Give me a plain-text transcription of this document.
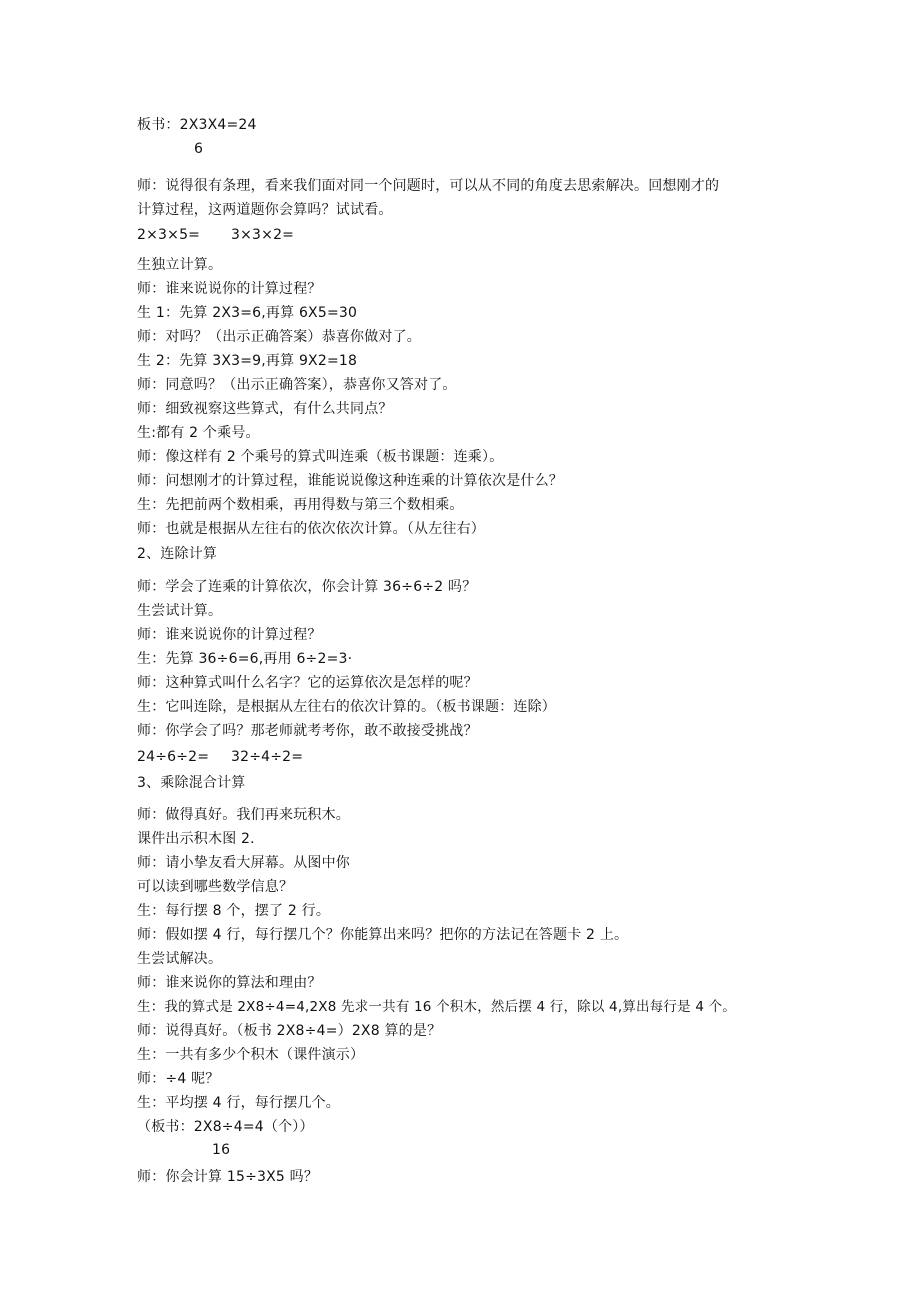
板书：2X3X4=24
6
师：说得很有条理，看来我们面对同一个问题时，可以从不同的角度去思索解决。回想刚才的
计算过程，这两道题你会算吗？试试看。
2×3×5= 3×3×2=
生独立计算。
师：谁来说说你的计算过程？
生 1：先算 2X3=6,再算 6X5=30
师：对吗？（出示正确答案）恭喜你做对了。
生 2：先算 3X3=9,再算 9X2=18
师：同意吗？（出示正确答案），恭喜你又答对了。
师：细致视察这些算式，有什么共同点？
生:都有 2 个乘号。
师：像这样有 2 个乘号的算式叫连乘（板书课题：连乘）。
师：问想刚才的计算过程，谁能说说像这种连乘的计算依次是什么？
生：先把前两个数相乘，再用得数与第三个数相乘。
师：也就是根据从左往右的依次依次计算。（从左往右）
2、连除计算
师：学会了连乘的计算依次，你会计算 36÷6÷2 吗？
生尝试计算。
师：谁来说说你的计算过程？
生：先算 36÷6=6,再用 6÷2=3·
师：这种算式叫什么名字？它的运算依次是怎样的呢？
生：它叫连除，是根据从左往右的依次计算的。（板书课题：连除）
师：你学会了吗？那老师就考考你，敢不敢接受挑战？
24÷6÷2= 32÷4÷2=
3、乘除混合计算
师：做得真好。我们再来玩积木。
课件出示积木图 2.
师：请小挚友看大屏幕。从图中你
可以读到哪些数学信息？
生：每行摆 8 个，摆了 2 行。
师：假如摆 4 行，每行摆几个？你能算出来吗？把你的方法记在答题卡 2 上。
生尝试解决。
师：谁来说你的算法和理由？
生：我的算式是 2X8÷4=4,2X8 先求一共有 16 个积木，然后摆 4 行，除以 4,算出每行是 4 个。
师：说得真好。（板书 2X8÷4=）2X8 算的是？
生：一共有多少个积木（课件演示）
师：÷4 呢？
生：平均摆 4 行，每行摆几个。
（板书：2X8÷4=4（个））
16
师：你会计算 15÷3X5 吗？
